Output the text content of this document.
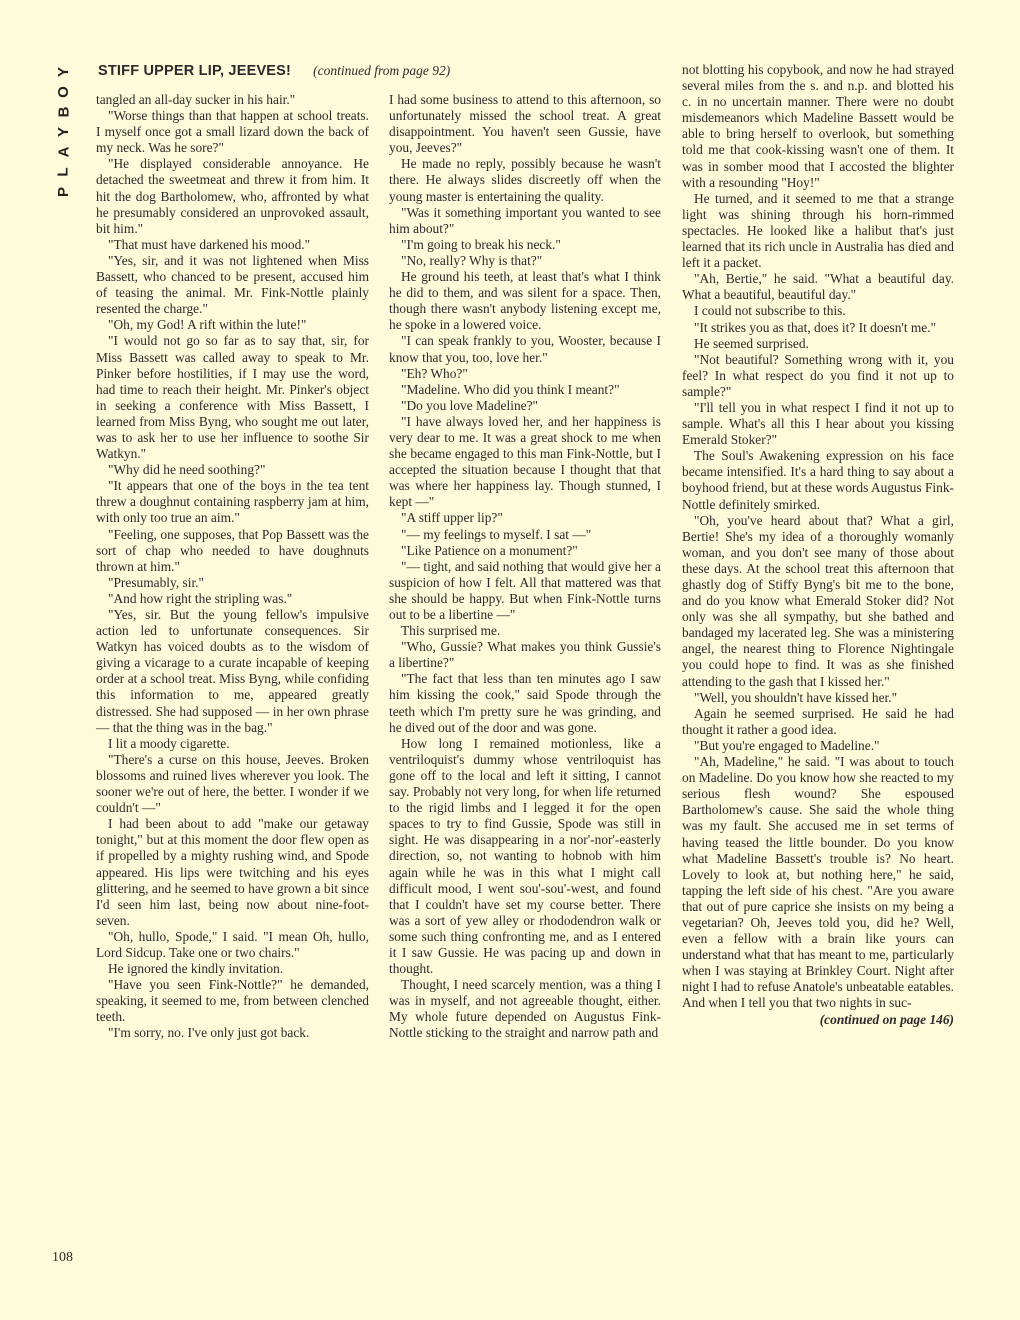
Y
O
B
Y
A
L
P
STIFF UPPER LIP, JEEVES! (continued from page 92)

tangled an all-day sucker in his hair."

"Worse things than that happen at school treats. I myself once got a small lizard down the back of my neck. Was he sore?"

"He displayed considerable annoyance. He detached the sweetmeat and threw it from him. It hit the dog Bartholomew, who, affronted by what he presumably considered an unprovoked assault, bit him."

"That must have darkened his mood."

"Yes, sir, and it was not lightened when Miss Bassett, who chanced to be present, accused him of teasing the animal. Mr. Fink-Nottle plainly resented the charge."

"Oh, my God! A rift within the lute!"

"I would not go so far as to say that, sir, for Miss Bassett was called away to speak to Mr. Pinker before hostilities, if I may use the word, had time to reach their height. Mr. Pinker's object in seeking a conference with Miss Bassett, I learned from Miss Byng, who sought me out later, was to ask her to use her influence to soothe Sir Watkyn."

"Why did he need soothing?"

"It appears that one of the boys in the tea tent threw a doughnut containing raspberry jam at him, with only too true an aim."

"Feeling, one supposes, that Pop Bassett was the sort of chap who needed to have doughnuts thrown at him."

"Presumably, sir."

"And how right the stripling was."

"Yes, sir. But the young fellow's impulsive action led to unfortunate consequences. Sir Watkyn has voiced doubts as to the wisdom of giving a vicarage to a curate incapable of keeping order at a school treat. Miss Byng, while confiding this information to me, appeared greatly distressed. She had supposed — in her own phrase — that the thing was in the bag."

I lit a moody cigarette.

"There's a curse on this house, Jeeves. Broken blossoms and ruined lives wherever you look. The sooner we're out of here, the better. I wonder if we couldn't —"

I had been about to add "make our getaway tonight," but at this moment the door flew open as if propelled by a mighty rushing wind, and Spode appeared. His lips were twitching and his eyes glittering, and he seemed to have grown a bit since I'd seen him last, being now about nine-foot-seven.

"Oh, hullo, Spode," I said. "I mean Oh, hullo, Lord Sidcup. Take one or two chairs."

He ignored the kindly invitation.

"Have you seen Fink-Nottle?" he demanded, speaking, it seemed to me, from between clenched teeth.

"I'm sorry, no. I've only just got back.

I had some business to attend to this afternoon, so unfortunately missed the school treat. A great disappointment. You haven't seen Gussie, have you, Jeeves?"

He made no reply, possibly because he wasn't there. He always slides discreetly off when the young master is entertaining the quality.

"Was it something important you wanted to see him about?"

"I'm going to break his neck."

"No, really? Why is that?"

He ground his teeth, at least that's what I think he did to them, and was silent for a space. Then, though there wasn't anybody listening except me, he spoke in a lowered voice.

"I can speak frankly to you, Wooster, because I know that you, too, love her."

"Eh? Who?"

"Madeline. Who did you think I meant?"

"Do you love Madeline?"

"I have always loved her, and her happiness is very dear to me. It was a great shock to me when she became engaged to this man Fink-Nottle, but I accepted the situation because I thought that that was where her happiness lay. Though stunned, I kept —"

"A stiff upper lip?"

"— my feelings to myself. I sat —"

"Like Patience on a monument?"

"— tight, and said nothing that would give her a suspicion of how I felt. All that mattered was that she should be happy. But when Fink-Nottle turns out to be a libertine —"

This surprised me.

"Who, Gussie? What makes you think Gussie's a libertine?"

"The fact that less than ten minutes ago I saw him kissing the cook," said Spode through the teeth which I'm pretty sure he was grinding, and he dived out of the door and was gone.

How long I remained motionless, like a ventriloquist's dummy whose ventriloquist has gone off to the local and left it sitting, I cannot say. Probably not very long, for when life returned to the rigid limbs and I legged it for the open spaces to try to find Gussie, Spode was still in sight. He was disappearing in a nor'-nor'-easterly direction, so, not wanting to hobnob with him again while he was in this what I might call difficult mood, I went sou'-sou'-west, and found that I couldn't have set my course better. There was a sort of yew alley or rhododendron walk or some such thing confronting me, and as I entered it I saw Gussie. He was pacing up and down in thought.

Thought, I need scarcely mention, was a thing I was in myself, and not agreeable thought, either. My whole future depended on Augustus Fink-Nottle sticking to the straight and narrow path and

not blotting his copybook, and now he had strayed several miles from the s. and n.p. and blotted his c. in no uncertain manner. There were no doubt misdemeanors which Madeline Bassett would be able to bring herself to overlook, but something told me that cook-kissing wasn't one of them. It was in somber mood that I accosted the blighter with a resounding "Hoy!"

He turned, and it seemed to me that a strange light was shining through his horn-rimmed spectacles. He looked like a halibut that's just learned that its rich uncle in Australia has died and left it a packet.

"Ah, Bertie," he said. "What a beautiful day. What a beautiful, beautiful day."

I could not subscribe to this.

"It strikes you as that, does it? It doesn't me."

He seemed surprised.

"Not beautiful? Something wrong with it, you feel? In what respect do you find it not up to sample?"

"I'll tell you in what respect I find it not up to sample. What's all this I hear about you kissing Emerald Stoker?"

The Soul's Awakening expression on his face became intensified. It's a hard thing to say about a boyhood friend, but at these words Augustus Fink-Nottle definitely smirked.

"Oh, you've heard about that? What a girl, Bertie! She's my idea of a thoroughly womanly woman, and you don't see many of those about these days. At the school treat this afternoon that ghastly dog of Stiffy Byng's bit me to the bone, and do you know what Emerald Stoker did? Not only was she all sympathy, but she bathed and bandaged my lacerated leg. She was a ministering angel, the nearest thing to Florence Nightingale you could hope to find. It was as she finished attending to the gash that I kissed her."

"Well, you shouldn't have kissed her."

Again he seemed surprised. He said he had thought it rather a good idea.

"But you're engaged to Madeline."

"Ah, Madeline," he said. "I was about to touch on Madeline. Do you know how she reacted to my serious flesh wound? She espoused Bartholomew's cause. She said the whole thing was my fault. She accused me in set terms of having teased the little bounder. Do you know what Madeline Bassett's trouble is? No heart. Lovely to look at, but nothing here," he said, tapping the left side of his chest. "Are you aware that out of pure caprice she insists on my being a vegetarian? Oh, Jeeves told you, did he? Well, even a fellow with a brain like yours can understand what that has meant to me, particularly when I was staying at Brinkley Court. Night after night I had to refuse Anatole's unbeatable eatables. And when I tell you that two nights in suc-

(continued on page 146)

108
